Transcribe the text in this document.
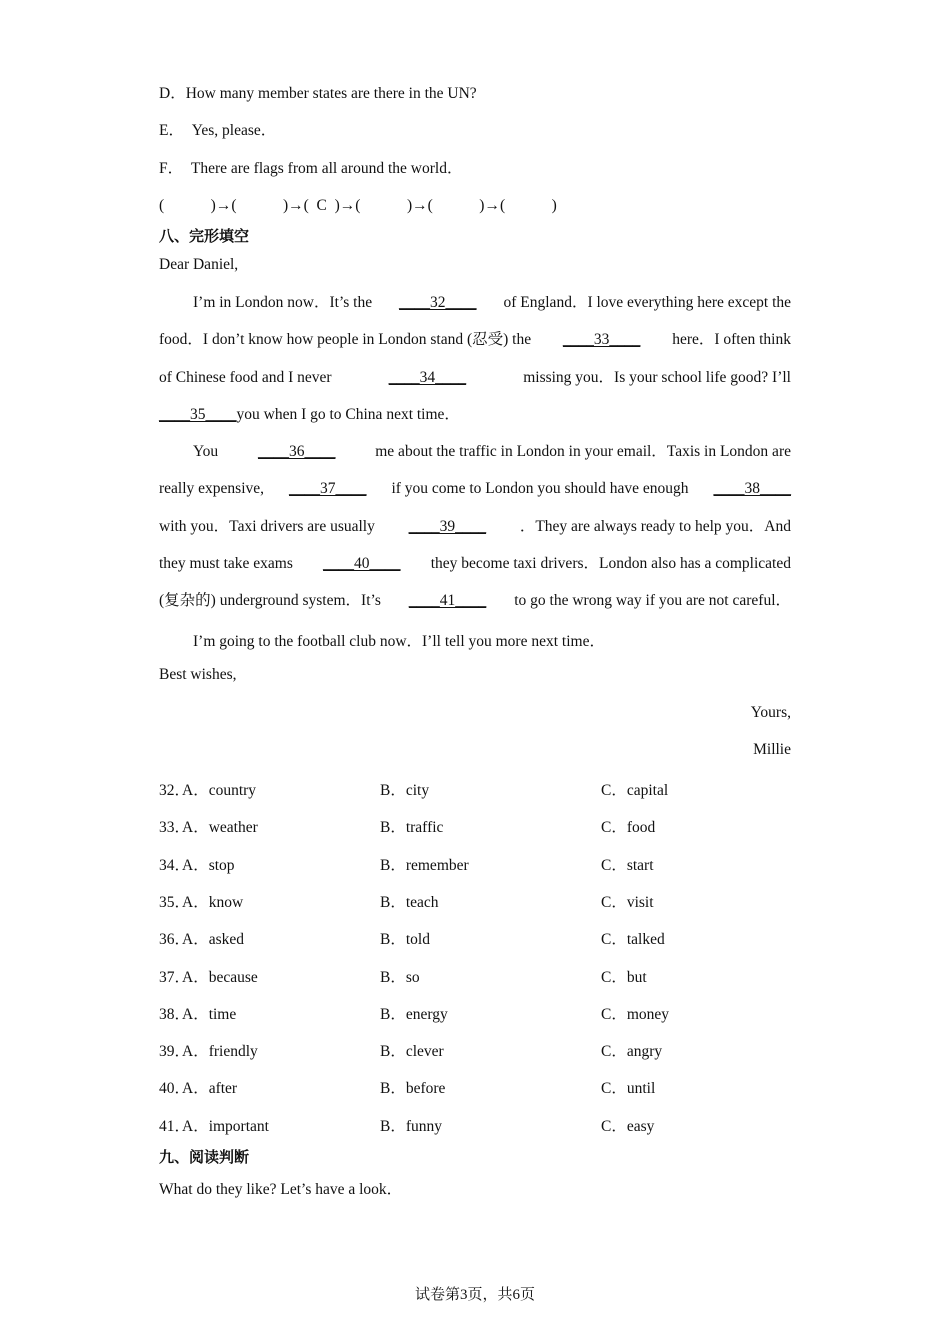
D．How many member states are there in the UN?
E．　Yes, please．
F．　There are flags from all around the world．
(　　　)→(　　　)→(  C  )→(　　　)→(　　　)→(　　　)
八、完形填空
Dear Daniel,
I’m in London now．It’s the ____32____ of England．I love everything here except the
food．I don’t know how people in London stand (忍受) the ____33____ here．I often think
of Chinese food and I never	____34____	missing you．Is your school life good? I’ll
____35____ you when I go to China next time．
You	____36____	me about the traffic in London in your email．Taxis in London are
really expensive, ____37____ if you come to London you should have enough ____38____
with you．Taxi drivers are usually ____39____ ．They are always ready to help you．And
they must take exams ____40____ they become taxi drivers．London also has a complicated
(复杂的) underground system．It’s ____41____ to go the wrong way if you are not careful．
I’m going to the football club now．I’ll tell you more next time．
Best wishes,
Yours,
Millie
32．
A．country	B．city	C．capital
33．
A．weather	B．traffic	C．food
34．
A．stop	B．remember	C．start
35．
A．know	B．teach	C．visit
36．
A．asked	B．told	C．talked
37．
A．because	B．so	C．but
38．
A．time	B．energy	C．money
39．
A．friendly	B．clever	C．angry
40．
A．after	B．before	C．until
41．
A．important	B．funny	C．easy
九、阅读判断
What do they like? Let’s have a look．
试卷第3页，共6页
